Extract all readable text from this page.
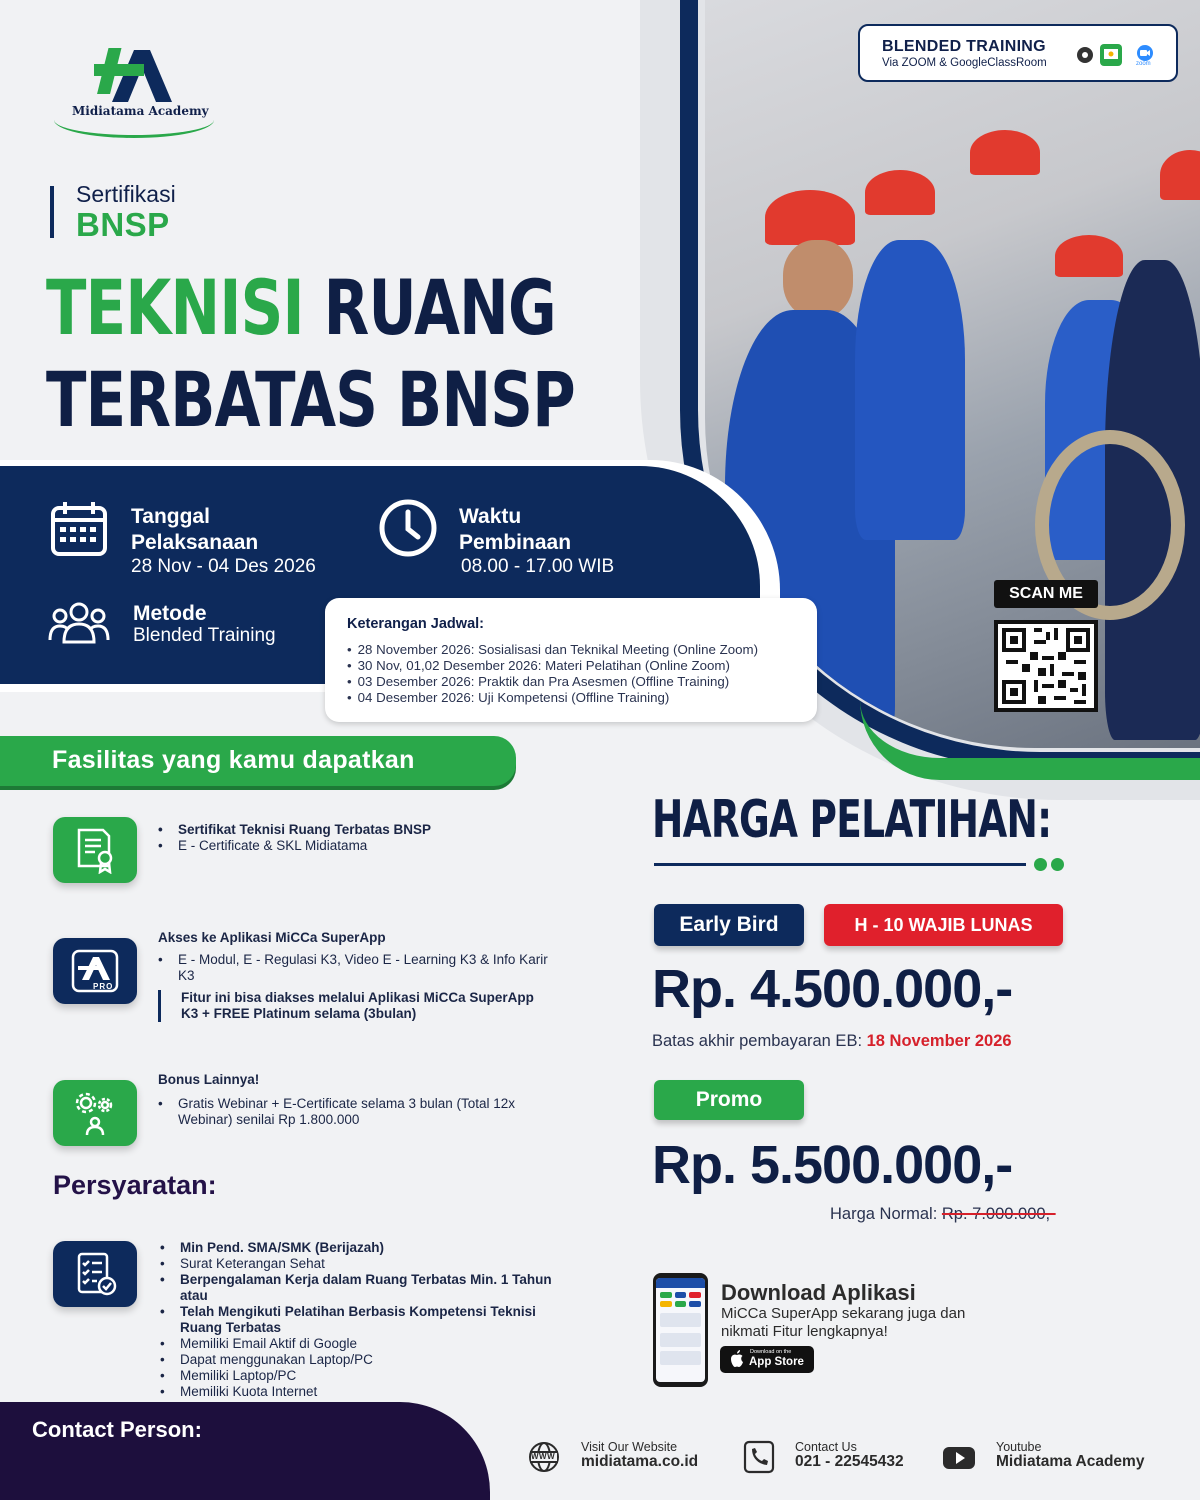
Midiatama Academy
BLENDED TRAINING
Via ZOOM & GoogleClassRoom	zoom
Sertifikasi
BNSP
TEKNISI RUANG
TERBATAS BNSP
Tanggal Pelaksanaan
28 Nov - 04 Des 2026
Waktu Pembinaan
08.00 - 17.00 WIB
Metode
Blended Training
Keterangan Jadwal:
• 28 November 2026: Sosialisasi dan Teknikal Meeting (Online Zoom)
• 30 Nov, 01,02 Desember 2026: Materi Pelatihan (Online Zoom)
• 03 Desember 2026: Praktik dan Pra Asesmen (Offline Training)
• 04 Desember 2026: Uji Kompetensi (Offline Training)
SCAN ME
Fasilitas yang kamu dapatkan
• Sertifikat Teknisi Ruang Terbatas BNSP
• E - Certificate & SKL Midiatama
PRO
Akses ke Aplikasi MiCCa SuperApp
• E - Modul, E - Regulasi K3, Video E - Learning K3 & Info Karir K3
Fitur ini bisa diakses melalui Aplikasi MiCCa SuperApp K3 + FREE Platinum selama (3bulan)
Bonus Lainnya!
• Gratis Webinar + E-Certificate selama 3 bulan (Total 12x Webinar) senilai Rp 1.800.000
Persyaratan:
• Min Pend. SMA/SMK (Berijazah)
• Surat Keterangan Sehat
• Berpengalaman Kerja dalam Ruang Terbatas Min. 1 Tahun atau
• Telah Mengikuti Pelatihan Berbasis Kompetensi Teknisi Ruang Terbatas
• Memiliki Email Aktif di Google
• Dapat menggunakan Laptop/PC
• Memiliki Laptop/PC
• Memiliki Kuota Internet
HARGA PELATIHAN:
Early Bird	H - 10 WAJIB LUNAS
Rp. 4.500.000,-
Batas akhir pembayaran EB: 18 November 2026
Promo
Rp. 5.500.000,-
Harga Normal: Rp. 7.000.000,-
Download Aplikasi
MiCCa SuperApp sekarang juga dan nikmati Fitur lengkapnya!
Download on the
App Store
Contact Person:
WWW
Visit Our Website
midiatama.co.id
Contact Us
021 - 22545432
Youtube
Midiatama Academy
